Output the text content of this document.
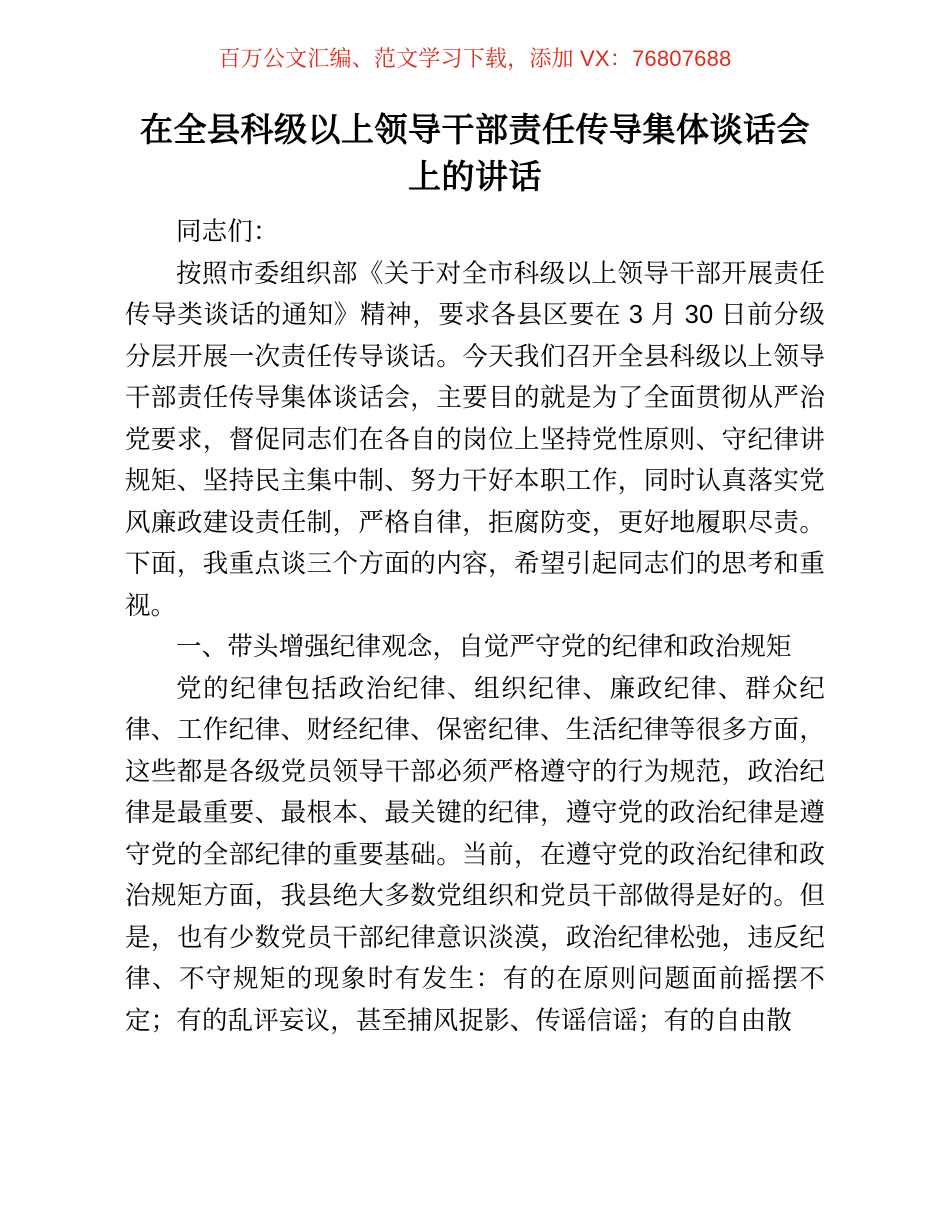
百万公文汇编、范文学习下载，添加 VX：76807688
在全县科级以上领导干部责任传导集体谈话会上的讲话

同志们：

按照市委组织部《关于对全市科级以上领导干部开展责任传导类谈话的通知》精神，要求各县区要在 3 月 30 日前分级分层开展一次责任传导谈话。今天我们召开全县科级以上领导干部责任传导集体谈话会，主要目的就是为了全面贯彻从严治党要求，督促同志们在各自的岗位上坚持党性原则、守纪律讲规矩、坚持民主集中制、努力干好本职工作，同时认真落实党风廉政建设责任制，严格自律，拒腐防变，更好地履职尽责。下面，我重点谈三个方面的内容，希望引起同志们的思考和重视。

一、带头增强纪律观念，自觉严守党的纪律和政治规矩

党的纪律包括政治纪律、组织纪律、廉政纪律、群众纪律、工作纪律、财经纪律、保密纪律、生活纪律等很多方面，这些都是各级党员领导干部必须严格遵守的行为规范，政治纪律是最重要、最根本、最关键的纪律，遵守党的政治纪律是遵守党的全部纪律的重要基础。当前，在遵守党的政治纪律和政治规矩方面，我县绝大多数党组织和党员干部做得是好的。但是，也有少数党员干部纪律意识淡漠，政治纪律松弛，违反纪律、不守规矩的现象时有发生：有的在原则问题面前摇摆不定；有的乱评妄议，甚至捕风捉影、传谣信谣；有的自由散
